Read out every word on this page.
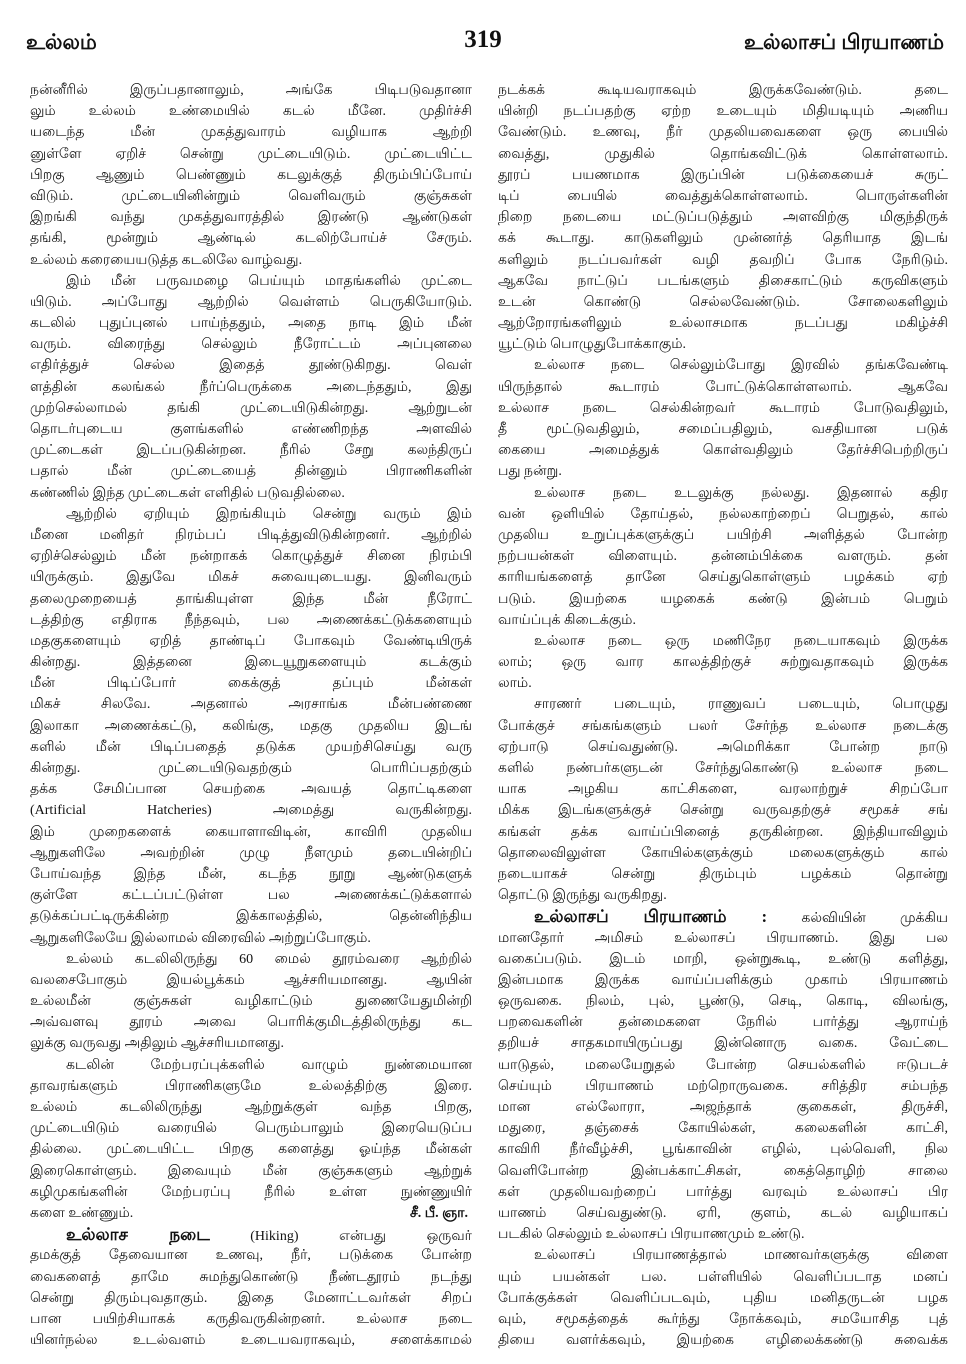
உல்லம்	319	உல்லாசப் பிரயாணம்
நன்னீரில் இருப்பதானாலும், அங்கே பிடிபடுவதானா
லும் உல்லம் உண்மையில் கடல் மீனே. முதிர்ச்சி
யடைந்த மீன் முகத்துவாரம் வழியாக ஆற்றி
னுள்ளே ஏறிச் சென்று முட்டையிடும். முட்டையிட்ட
பிறகு ஆணும் பெண்ணும் கடலுக்குத் திரும்பிப்போய்
விடும். முட்டையினின்றும் வெளிவரும் குஞ்சுகள்
இறங்கி வந்து முகத்துவாரத்தில் இரண்டு ஆண்டுகள்
தங்கி, மூன்றும் ஆண்டில் கடலிற்போய்ச் சேரும்.
உல்லம் கரையையடுத்த கடலிலே வாழ்வது.
இம் மீன் பருவமழை பெய்யும் மாதங்களில் முட்டை
யிடும். அப்போது ஆற்றில் வெள்ளம் பெருகியோடும்.
கடலில் புதுப்புனல் பாய்ந்ததும், அதை நாடி இம் மீன்
வரும். விரைந்து செல்லும் நீரோட்டம் அப்புனலை
எதிர்த்துச் செல்ல இதைத் தூண்டுகிறது. வெள்
ளத்தின் கலங்கல் நீர்ப்பெருக்கை அடைந்ததும், இது
முற்செல்லாமல் தங்கி முட்டையிடுகின்றது. ஆற்றுடன்
தொடர்புடைய குளங்களில் எண்ணிறந்த அளவில்
முட்டைகள் இடப்படுகின்றன. நீரில் சேறு கலந்திருப்
பதால் மீன் முட்டையைத் தின்னும் பிராணிகளின்
கண்ணில் இந்த முட்டைகள் எளிதில் படுவதில்லை.
ஆற்றில் ஏறியும் இறங்கியும் சென்று வரும் இம்
மீனை மனிதர் நிரம்பப் பிடித்துவிடுகின்றனர். ஆற்றில்
ஏறிச்செல்லும் மீன் நன்றாகக் கொழுத்துச் சினை நிரம்பி
யிருக்கும். இதுவே மிகச் சுவையுடையது. இனிவரும்
தலைமுறையைத் தாங்கியுள்ள இந்த மீன் நீரோட்
டத்திற்கு எதிராக நீந்தவும், பல அணைக்கட்டுக்களையும்
மதகுகளையும் ஏறித் தாண்டிப் போகவும் வேண்டியிருக்
கின்றது. இத்தனை இடையூறுகளையும் கடக்கும்
மீன் பிடிப்போர் கைக்குத் தப்பும் மீன்கள்
மிகச் சிலவே. அதனால் அரசாங்க மீன்பண்ணை
இலாகா அணைக்கட்டு, கலிங்கு, மதகு முதலிய இடங்
களில் மீன் பிடிப்பதைத் தடுக்க முயற்சிசெய்து வரு
கின்றது. முட்டையிடுவதற்கும் பொரிப்பதற்கும்
தக்க சேமிப்பான செயற்கை அவயத் தொட்டிகளை
(Artificial Hatcheries) அமைத்து வருகின்றது.
இம் முறைகளைக் கையாளாவிடின், காவிரி முதலிய
ஆறுகளிலே அவற்றின் முழு நீளமும் தடையின்றிப்
போய்வந்த இந்த மீன், கடந்த நூறு ஆண்டுகளுக்
குள்ளே கட்டப்பட்டுள்ள பல அணைக்கட்டுக்களால்
தடுக்கப்பட்டிருக்கின்ற இக்காலத்தில், தென்னிந்திய
ஆறுகளிலேயே இல்லாமல் விரைவில் அற்றுப்போகும்.
உல்லம் கடலிலிருந்து 60 மைல் தூரம்வரை ஆற்றில்
வலசைபோகும் இயல்பூக்கம் ஆச்சரியமானது. ஆயின்
உல்லமீன் குஞ்சுகள் வழிகாட்டும் துணையேதுமின்றி
அவ்வளவு தூரம் அவை பொரிக்குமிடத்திலிருந்து கட
லுக்கு வருவது அதிலும் ஆச்சரியமானது.
கடலின் மேற்பரப்புக்களில் வாழும் நுண்மையான
தாவரங்களும் பிராணிகளுமே உல்லத்திற்கு இரை.
உல்லம் கடலிலிருந்து ஆற்றுக்குள் வந்த பிறகு,
முட்டையிடும் வரையில் பெரும்பாலும் இரையெடுப்ப
தில்லை. முட்டையிட்ட பிறகு களைத்து ஓய்ந்த மீன்கள்
இரைகொள்ளும். இவையும் மீன் குஞ்சுகளும் ஆற்றுக்
கழிமுகங்களின் மேற்பரப்பு நீரில் உள்ள நுண்ணுயிர்
களை உண்ணும்.	சீ. பீ. ஞா.
உல்லாச நடை	(Hiking) என்பது ஒருவர்
தமக்குத் தேவையான உணவு, நீர், படுக்கை போன்ற
வைகளைத் தாமே சுமந்துகொண்டு நீண்டதூரம் நடந்து
சென்று திரும்புவதாகும். இதை மேனாட்டவர்கள் சிறப்
பான பயிற்சியாகக் கருதிவருகின்றனர். உல்லாச நடை
யினர்நல்ல உடல்வளம் உடையவராகவும், சளைக்காமல்
நடக்கக் கூடியவராகவும் இருக்கவேண்டும். தடை
யின்றி நடப்பதற்கு ஏற்ற உடையும் மிதியடியும் அணிய
வேண்டும். உணவு, நீர் முதலியவைகளை ஒரு பையில்
வைத்து, முதுகில் தொங்கவிட்டுக் கொள்ளலாம்.
தூரப் பயணமாக இருப்பின் படுக்கையைச் சுருட்
டிப் பையில் வைத்துக்கொள்ளலாம். பொருள்களின்
நிறை நடையை மட்டுப்படுத்தும் அளவிற்கு மிகுந்திருக்
கக் கூடாது. காடுகளிலும் முன்னர்த் தெரியாத இடங்
களிலும் நடப்பவர்கள் வழி தவறிப் போக நேரிடும்.
ஆகவே நாட்டுப் படங்களும் திசைகாட்டும் கருவிகளும்
உடன் கொண்டு செல்லவேண்டும். சோலைகளிலும்
ஆற்றோரங்களிலும் உல்லாசமாக நடப்பது மகிழ்ச்சி
யூட்டும் பொழுதுபோக்காகும்.
உல்லாச நடை செல்லும்போது இரவில் தங்கவேண்டி
யிருந்தால் கூடாரம் போட்டுக்கொள்ளலாம். ஆகவே
உல்லாச நடை செல்கின்றவர் கூடாரம் போடுவதிலும்,
தீ மூட்டுவதிலும், சமைப்பதிலும், வசதியான படுக்
கையை அமைத்துக் கொள்வதிலும் தேர்ச்சிபெற்றிருப்
பது நன்று.
உல்லாச நடை உடலுக்கு நல்லது. இதனால் கதிர
வன் ஒளியில் தோய்தல், நல்லகாற்றைப் பெறுதல், கால்
முதலிய உறுப்புக்களுக்குப் பயிற்சி அளித்தல் போன்ற
நற்பயன்கள் விளையும். தன்னம்பிக்கை வளரும். தன்
காரியங்களைத் தானே செய்துகொள்ளும் பழக்கம் ஏற்
படும். இயற்கை யழகைக் கண்டு இன்பம் பெறும்
வாய்ப்புக் கிடைக்கும்.
உல்லாச நடை ஒரு மணிநேர நடையாகவும் இருக்க
லாம்; ஒரு வார காலத்திற்குச் சுற்றுவதாகவும் இருக்க
லாம்.
சாரணர் படையும், ராணுவப் படையும், பொழுது
போக்குச் சங்கங்களும் பலர் சேர்ந்த உல்லாச நடைக்கு
ஏற்பாடு செய்வதுண்டு. அமெரிக்கா போன்ற நாடு
களில் நண்பர்களுடன் சேர்ந்துகொண்டு உல்லாச நடை
யாக அழகிய காட்சிகளை, வரலாற்றுச் சிறப்போ
மிக்க இடங்களுக்குச் சென்று வருவதற்குச் சமூகச் சங்
கங்கள் தக்க வாய்ப்பினைத் தருகின்றன. இந்தியாவிலும்
தொலைவிலுள்ள கோயில்களுக்கும் மலைகளுக்கும் கால்
நடையாகச் சென்று திரும்பும் பழக்கம் தொன்று
தொட்டு இருந்து வருகிறது.
உல்லாசப் பிரயாணம் : கல்வியின் முக்கிய
மானதோர் அமிசம் உல்லாசப் பிரயாணம். இது பல
வகைப்படும். இடம் மாறி, ஒன்றுகூடி, உண்டு களித்து,
இன்பமாக இருக்க வாய்ப்பளிக்கும் முகாம் பிரயாணம்
ஒருவகை. நிலம், புல், பூண்டு, செடி, கொடி, விலங்கு,
பறவைகளின் தன்மைகளை நேரில் பார்த்து ஆராய்ந்
தறியச் சாதகமாயிருப்பது இன்னொரு வகை. வேட்டை
யாடுதல், மலையேறுதல் போன்ற செயல்களில் ஈடுபடச்
செய்யும் பிரயாணம் மற்றொருவகை. சரித்திர சம்பந்த
மான எல்லோரா, அஜந்தாக் குகைகள், திருச்சி,
மதுரை, தஞ்சைக் கோயில்கள், கலைகளின் காட்சி,
காவிரி நீர்வீழ்ச்சி, பூங்காவின் எழில், புல்வெளி, நில
வெளிபோன்ற இன்பக்காட்சிகள், கைத்தொழிற் சாலை
கள் முதலியவற்றைப் பார்த்து வரவும் உல்லாசப் பிர
யாணம் செய்வதுண்டு. ஏரி, குளம், கடல் வழியாகப்
படகில் செல்லும் உல்லாசப் பிரயாணமும் உண்டு.
உல்லாசப் பிரயாணத்தால் மாணவர்களுக்கு விளை
யும் பயன்கள் பல. பள்ளியில் வெளிப்படாத மனப்
போக்குக்கள் வெளிப்படவும், புதிய மனிதருடன் பழக
வும், சமூகத்தைக் கூர்ந்து நோக்கவும், சமயோசித புத்
தியை வளர்க்கவும், இயற்கை எழிலைக்கண்டு சுவைக்க
